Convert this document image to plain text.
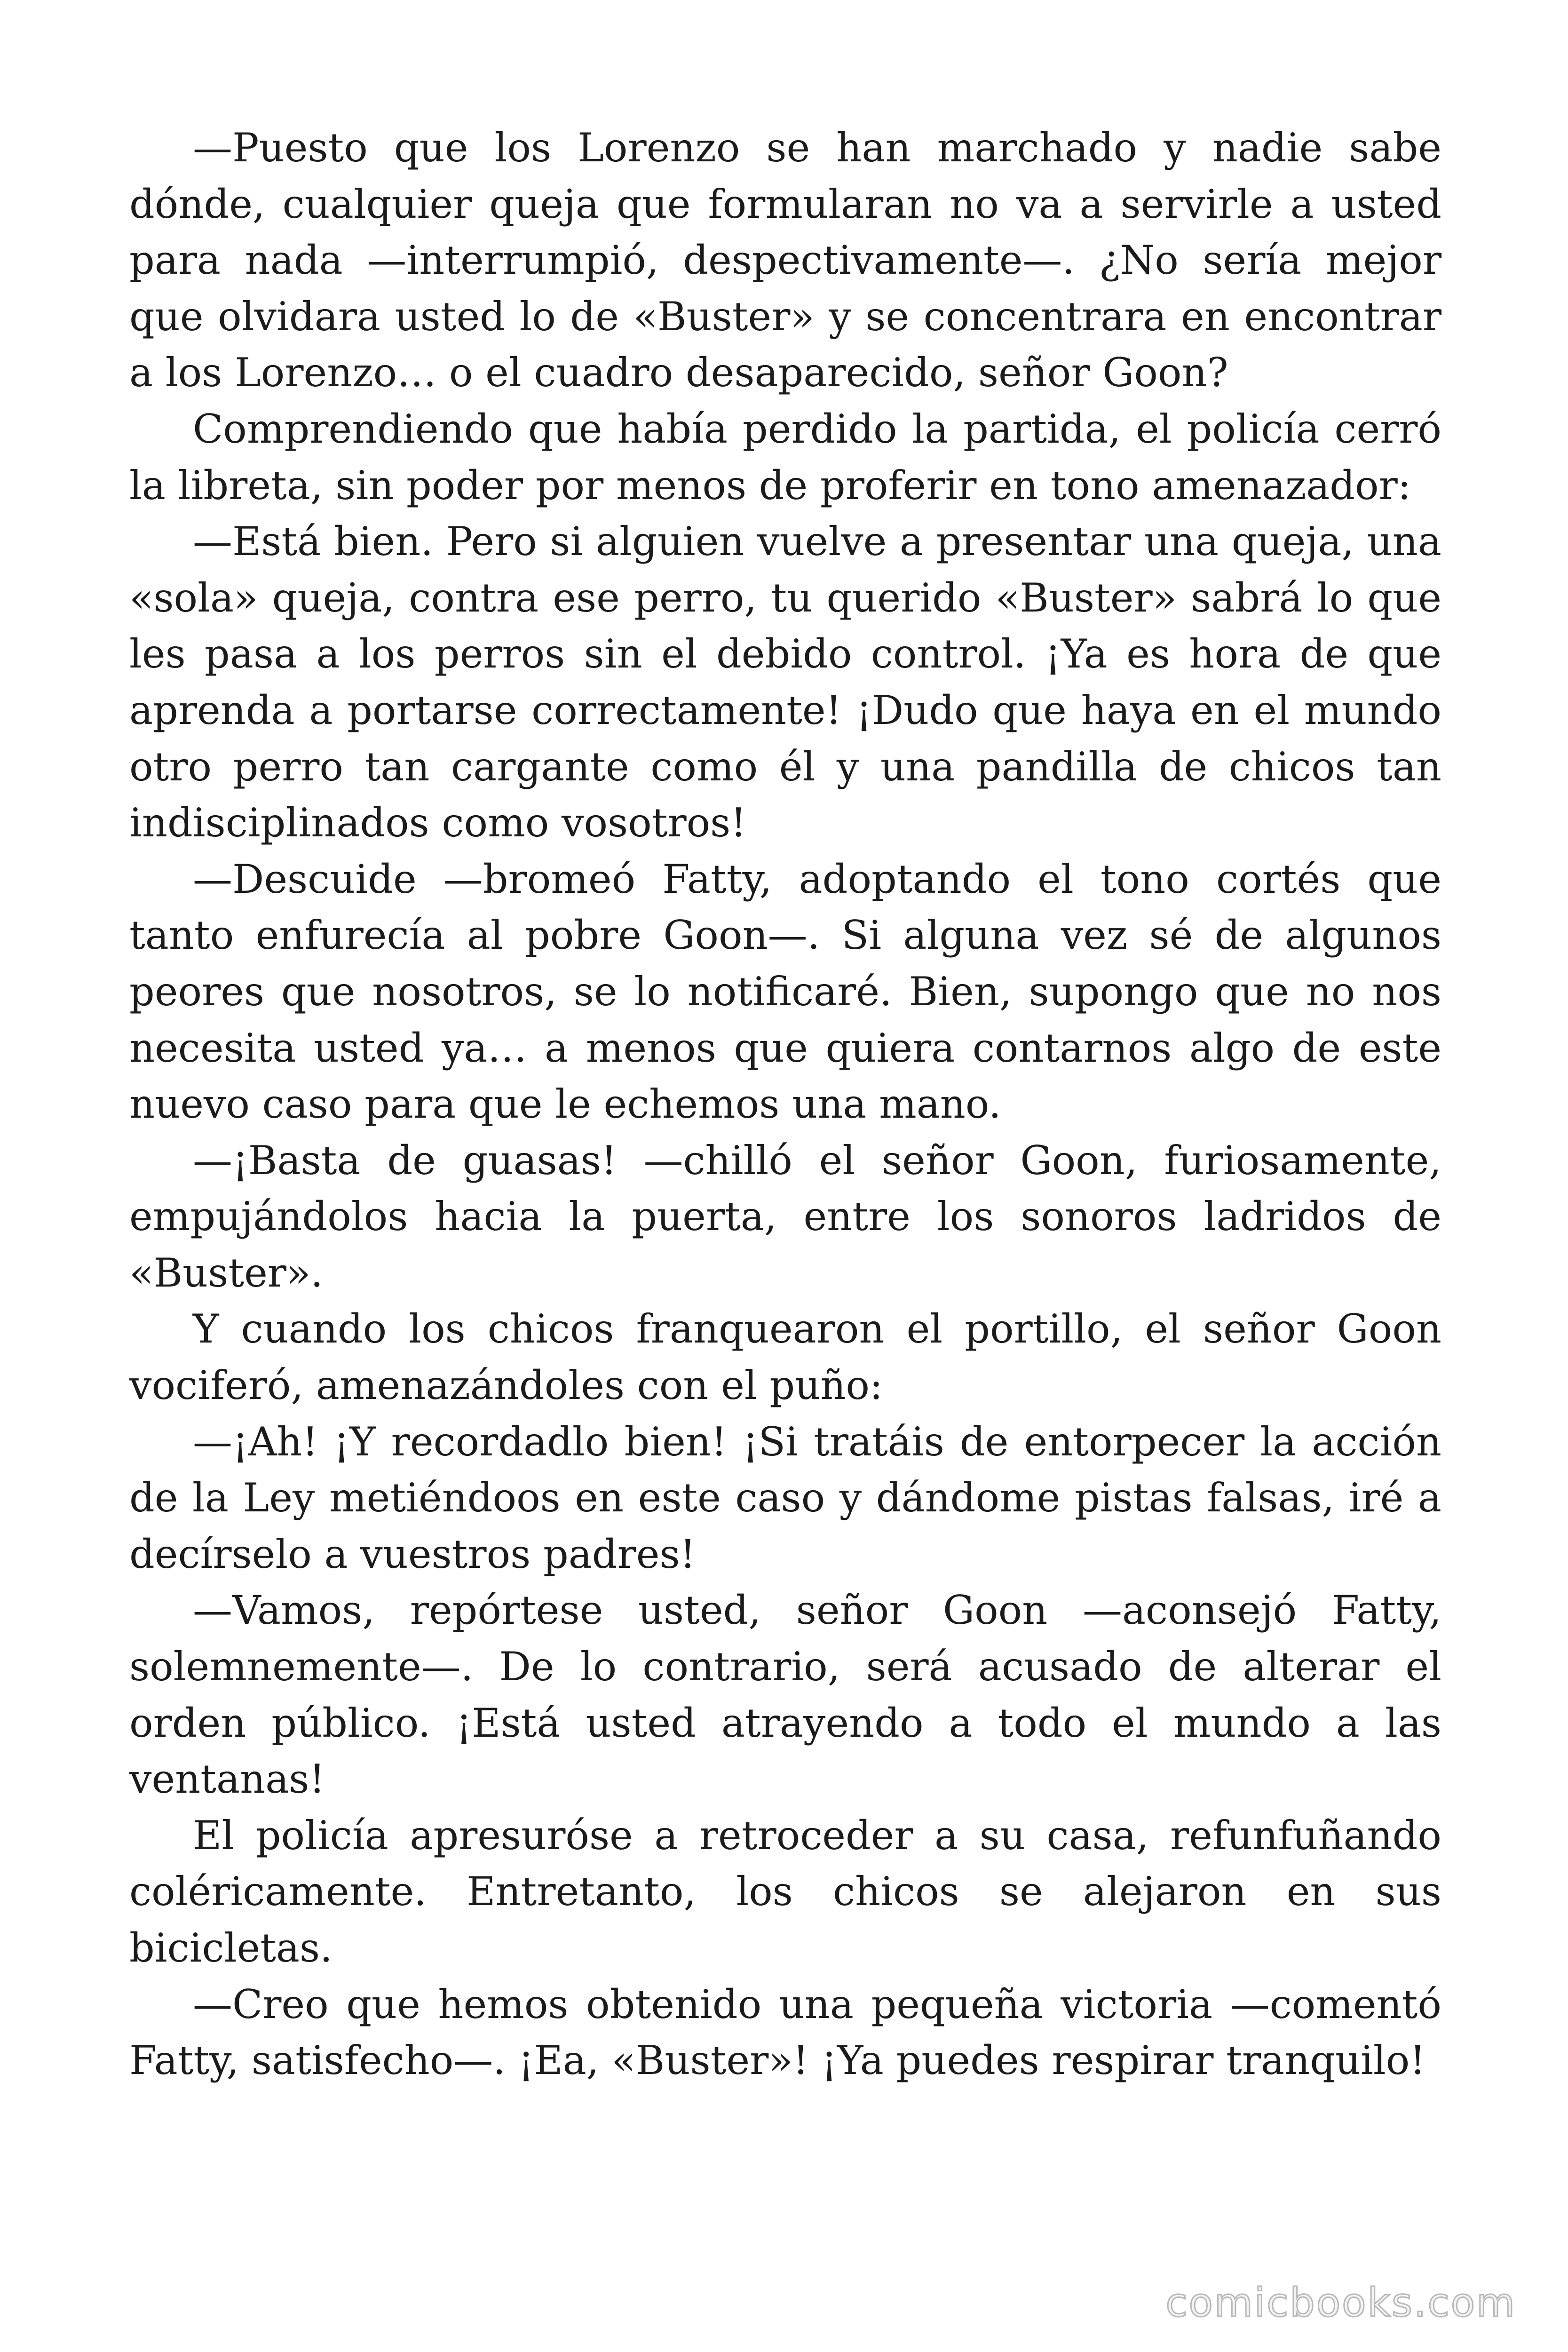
—Puesto que los Lorenzo se han marchado y nadie sabe dónde, cualquier queja que formularan no va a servirle a usted para nada —interrumpió, despectivamente—. ¿No sería mejor que olvidara usted lo de «Buster» y se concentrara en encontrar a los Lorenzo… o el cuadro desaparecido, señor Goon?

Comprendiendo que había perdido la partida, el policía cerró la libreta, sin poder por menos de proferir en tono amenazador:

—Está bien. Pero si alguien vuelve a presentar una queja, una «sola» queja, contra ese perro, tu querido «Buster» sabrá lo que les pasa a los perros sin el debido control. ¡Ya es hora de que aprenda a portarse correctamente! ¡Dudo que haya en el mundo otro perro tan cargante como él y una pandilla de chicos tan indisciplinados como vosotros!

—Descuide —bromeó Fatty, adoptando el tono cortés que tanto enfurecía al pobre Goon—. Si alguna vez sé de algunos peores que nosotros, se lo notificaré. Bien, supongo que no nos necesita usted ya… a menos que quiera contarnos algo de este nuevo caso para que le echemos una mano.

—¡Basta de guasas! —chilló el señor Goon, furiosamente, empujándolos hacia la puerta, entre los sonoros ladridos de «Buster».

Y cuando los chicos franquearon el portillo, el señor Goon vociferó, amenazándoles con el puño:

—¡Ah! ¡Y recordadlo bien! ¡Si tratáis de entorpecer la acción de la Ley metiéndoos en este caso y dándome pistas falsas, iré a decírselo a vuestros padres!

—Vamos, repórtese usted, señor Goon —aconsejó Fatty, solemnemente—. De lo contrario, será acusado de alterar el orden público. ¡Está usted atrayendo a todo el mundo a las ventanas!

El policía apresuróse a retroceder a su casa, refunfuñando coléricamente. Entretanto, los chicos se alejaron en sus bicicletas.

—Creo que hemos obtenido una pequeña victoria —comentó Fatty, satisfecho—. ¡Ea, «Buster»! ¡Ya puedes respirar tranquilo!

comicbooks.com
